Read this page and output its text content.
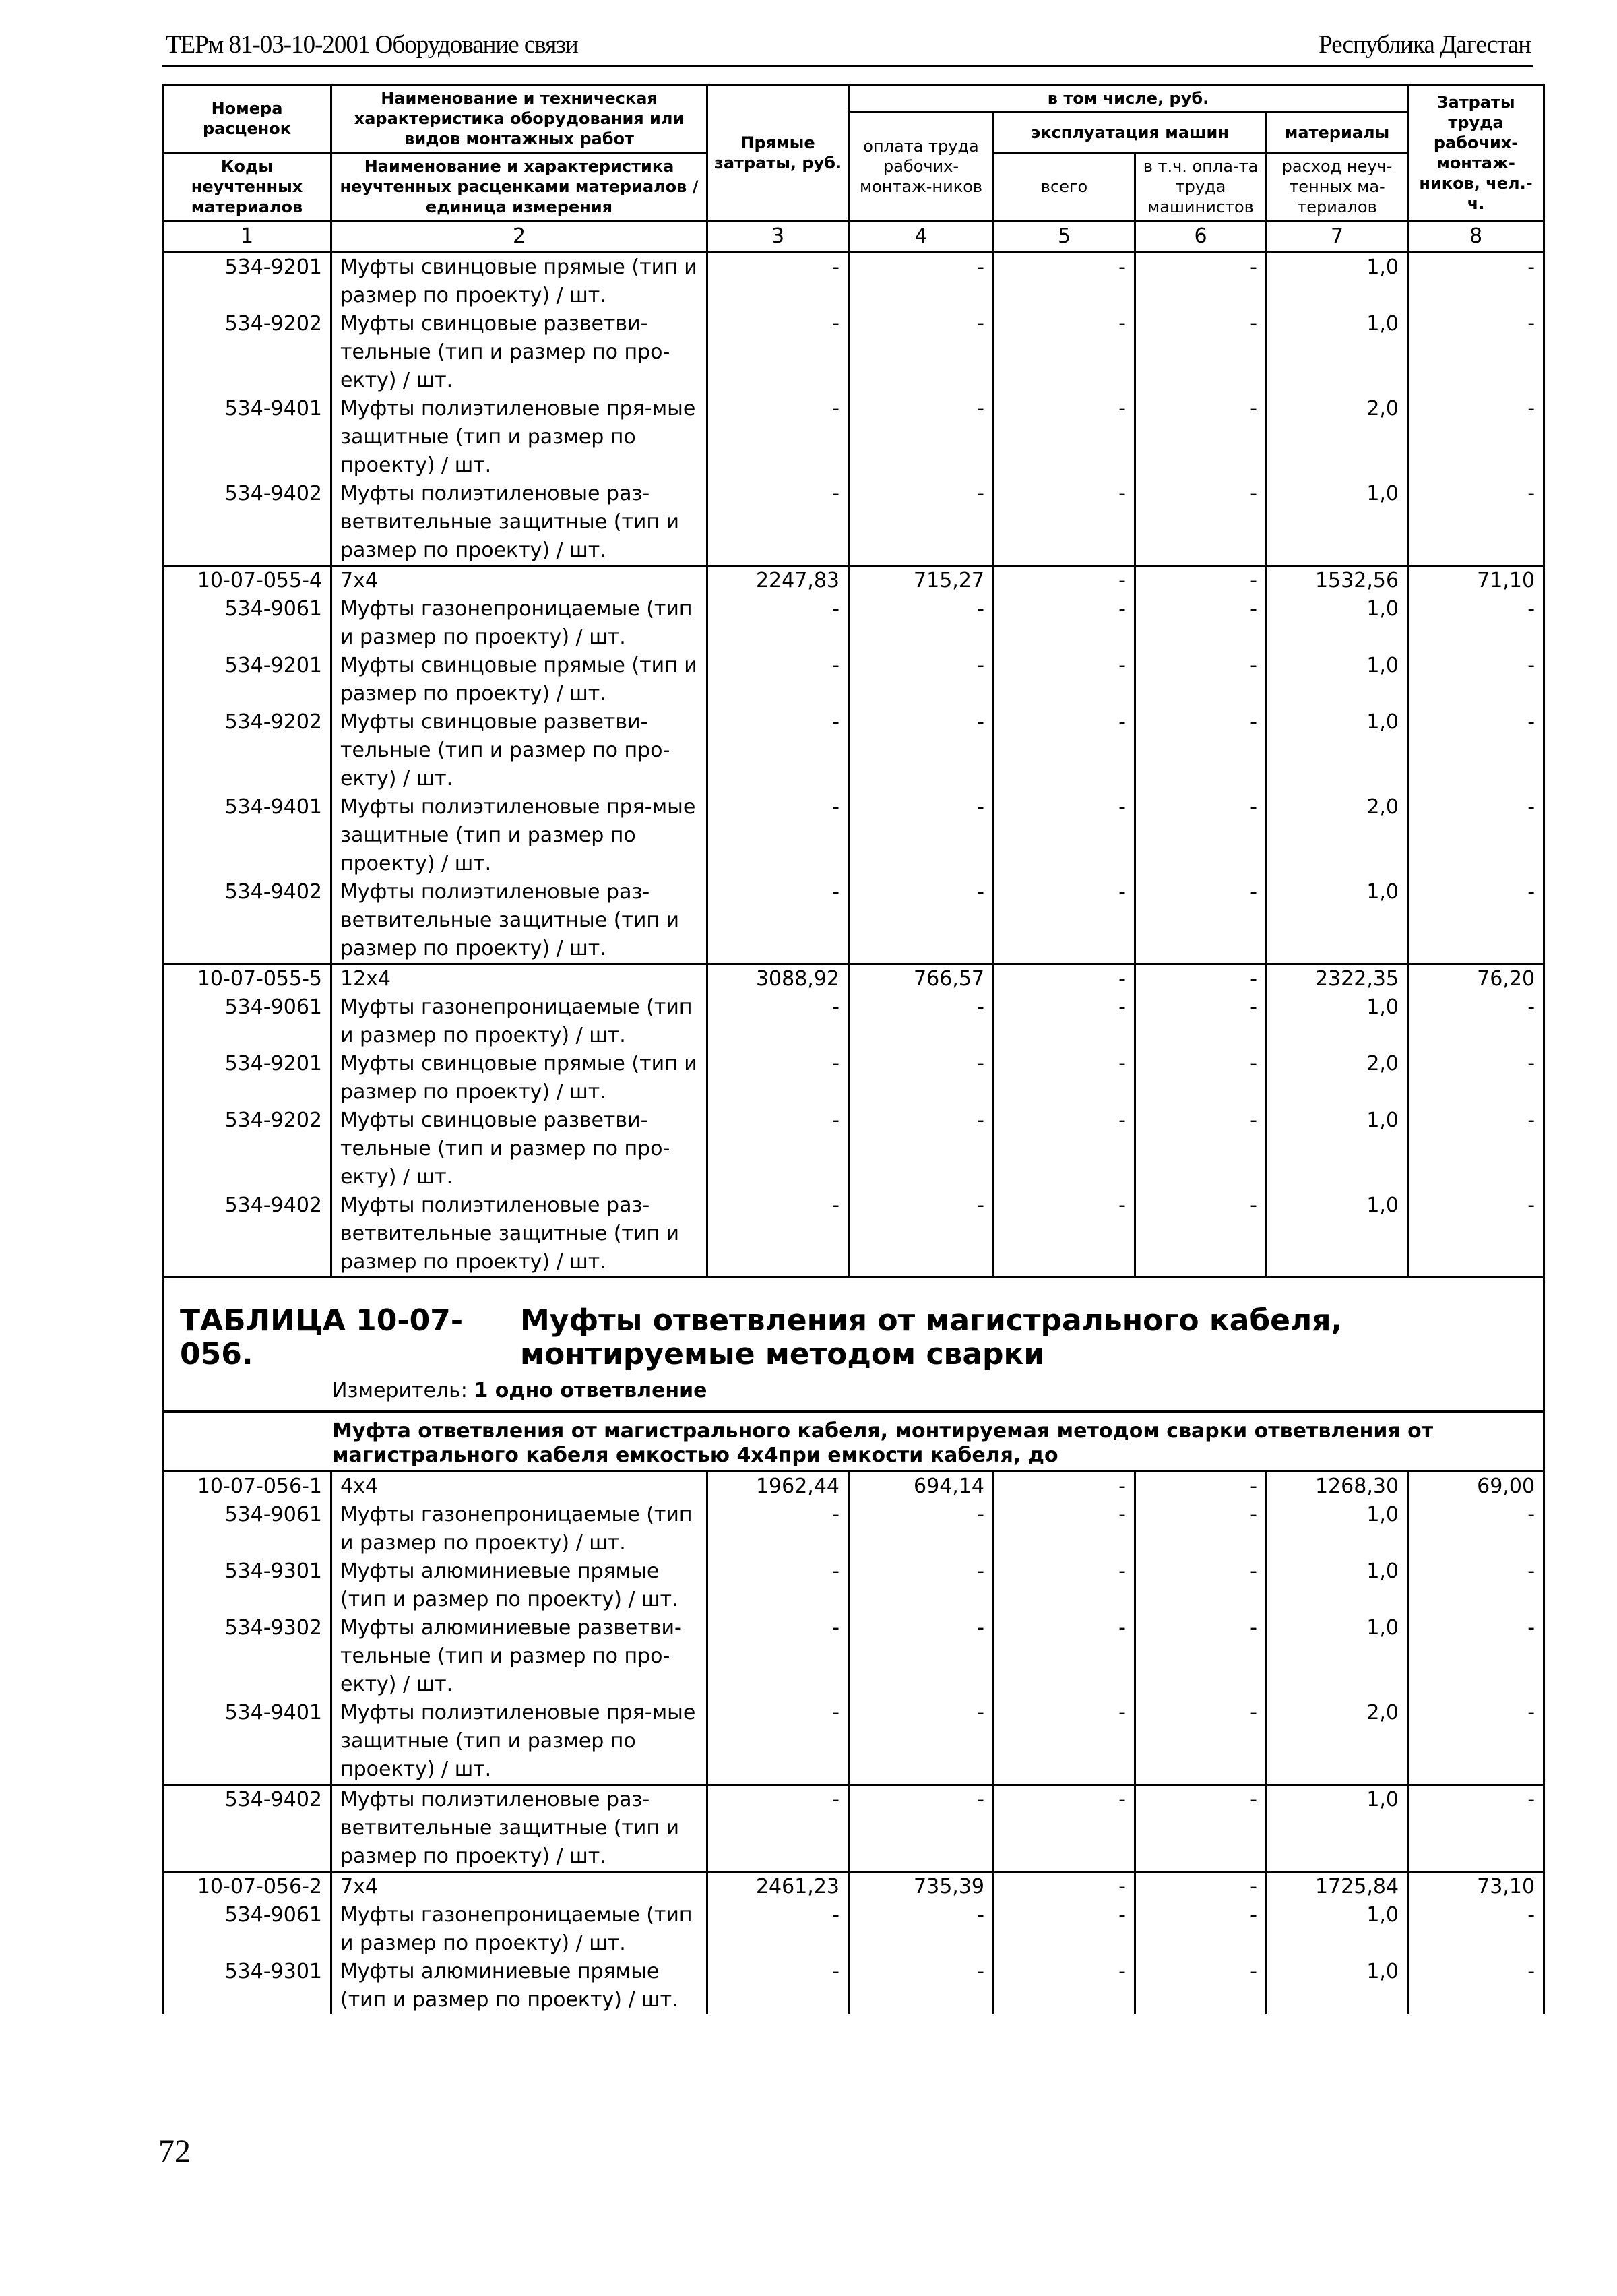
ТЕРм 81-03-10-2001 Оборудование связи	Республика Дагестан
Номера расценок	Наименование и техническая характеристика оборудования или видов монтажных работ	Прямые затраты, руб.	в том числе, руб.				Затраты труда рабочих-монтаж-ников, чел.-ч.
			оплата труда рабочих-монтаж-ников	эксплуатация машин		материалы	
Коды неучтенных материалов	Наименование и характеристика неучтенных расценками материалов / единица измерения			всего	в т.ч. опла-та труда машинистов	расход неуч-тенных ма-териалов	

1	2	3	4	5	6	7	8
534-9201	Муфты свинцовые прямые (тип и размер по проекту) / шт.	-	-	-	-	1,0	-
534-9202	Муфты свинцовые разветви-тельные (тип и размер по про-екту) / шт.	-	-	-	-	1,0	-
534-9401	Муфты полиэтиленовые пря-мые защитные (тип и размер по проекту) / шт.	-	-	-	-	2,0	-
534-9402	Муфты полиэтиленовые раз-ветвительные защитные (тип и размер по проекту) / шт.	-	-	-	-	1,0	-
10-07-055-4	7х4	2247,83	715,27	-	-	1532,56	71,10
534-9061	Муфты газонепроницаемые (тип и размер по проекту) / шт.	-	-	-	-	1,0	-
534-9201	Муфты свинцовые прямые (тип и размер по проекту) / шт.	-	-	-	-	1,0	-
534-9202	Муфты свинцовые разветви-тельные (тип и размер по про-екту) / шт.	-	-	-	-	1,0	-
534-9401	Муфты полиэтиленовые пря-мые защитные (тип и размер по проекту) / шт.	-	-	-	-	2,0	-
534-9402	Муфты полиэтиленовые раз-ветвительные защитные (тип и размер по проекту) / шт.	-	-	-	-	1,0	-
10-07-055-5	12х4	3088,92	766,57	-	-	2322,35	76,20
534-9061	Муфты газонепроницаемые (тип и размер по проекту) / шт.	-	-	-	-	1,0	-
534-9201	Муфты свинцовые прямые (тип и размер по проекту) / шт.	-	-	-	-	2,0	-
534-9202	Муфты свинцовые разветви-тельные (тип и размер по про-екту) / шт.	-	-	-	-	1,0	-
534-9402	Муфты полиэтиленовые раз-ветвительные защитные (тип и размер по проекту) / шт.	-	-	-	-	1,0	-
ТАБЛИЦА 10-07-056.Муфты ответвления от магистрального кабеля, монтируемые методом сварки							
Измеритель: 1 одно ответвление							
Муфта ответвления от магистрального кабеля, монтируемая методом сварки ответвления от магистрального кабеля емкостью 4х4при емкости кабеля, до							
10-07-056-1	4х4	1962,44	694,14	-	-	1268,30	69,00
534-9061	Муфты газонепроницаемые (тип и размер по проекту) / шт.	-	-	-	-	1,0	-
534-9301	Муфты алюминиевые прямые (тип и размер по проекту) / шт.	-	-	-	-	1,0	-
534-9302	Муфты алюминиевые разветви-тельные (тип и размер по про-екту) / шт.	-	-	-	-	1,0	-
534-9401	Муфты полиэтиленовые пря-мые защитные (тип и размер по проекту) / шт.	-	-	-	-	2,0	-
534-9402	Муфты полиэтиленовые раз-ветвительные защитные (тип и размер по проекту) / шт.	-	-	-	-	1,0	-
10-07-056-2	7х4	2461,23	735,39	-	-	1725,84	73,10
534-9061	Муфты газонепроницаемые (тип и размер по проекту) / шт.	-	-	-	-	1,0	-
534-9301	Муфты алюминиевые прямые (тип и размер по проекту) / шт.	-	-	-	-	1,0	-
72
